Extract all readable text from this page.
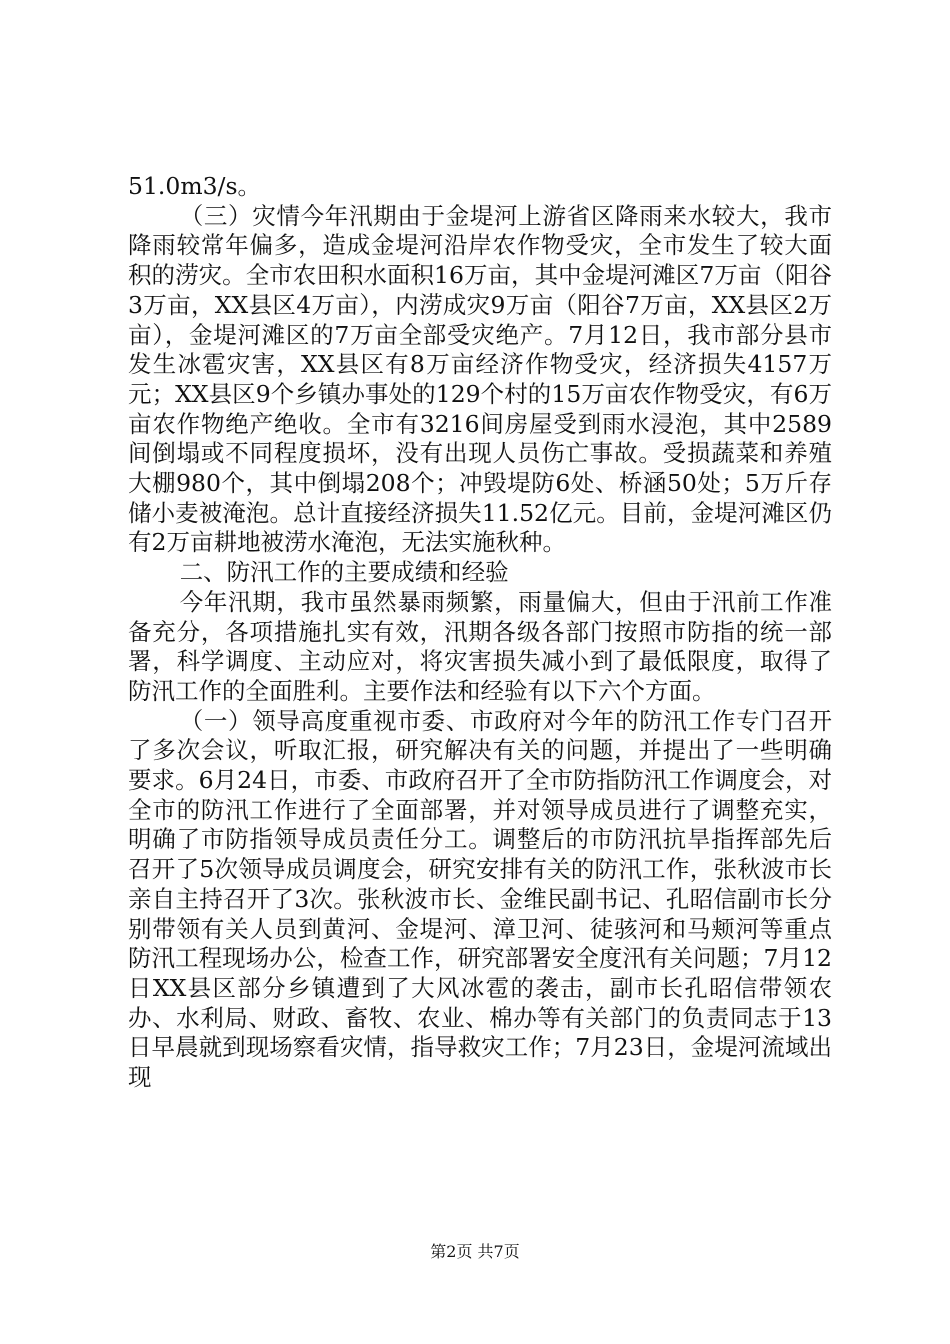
51.0m3/s。

（三）灾情今年汛期由于金堤河上游省区降雨来水较大，我市降雨较常年偏多，造成金堤河沿岸农作物受灾，全市发生了较大面积的涝灾。全市农田积水面积16万亩，其中金堤河滩区7万亩（阳谷3万亩，XX县区4万亩），内涝成灾9万亩（阳谷7万亩，XX县区2万亩），金堤河滩区的7万亩全部受灾绝产。7月12日，我市部分县市发生冰雹灾害，XX县区有8万亩经济作物受灾，经济损失4157万元；XX县区9个乡镇办事处的129个村的15万亩农作物受灾，有6万亩农作物绝产绝收。全市有3216间房屋受到雨水浸泡，其中2589间倒塌或不同程度损坏，没有出现人员伤亡事故。受损蔬菜和养殖大棚980个，其中倒塌208个；冲毁堤防6处、桥涵50处；5万斤存储小麦被淹泡。总计直接经济损失11.52亿元。目前，金堤河滩区仍有2万亩耕地被涝水淹泡，无法实施秋种。

二、防汛工作的主要成绩和经验

今年汛期，我市虽然暴雨频繁，雨量偏大，但由于汛前工作准备充分，各项措施扎实有效，汛期各级各部门按照市防指的统一部署，科学调度、主动应对，将灾害损失减小到了最低限度，取得了防汛工作的全面胜利。主要作法和经验有以下六个方面。

（一）领导高度重视市委、市政府对今年的防汛工作专门召开了多次会议，听取汇报，研究解决有关的问题，并提出了一些明确要求。6月24日，市委、市政府召开了全市防指防汛工作调度会，对全市的防汛工作进行了全面部署，并对领导成员进行了调整充实，明确了市防指领导成员责任分工。调整后的市防汛抗旱指挥部先后召开了5次领导成员调度会，研究安排有关的防汛工作，张秋波市长亲自主持召开了3次。张秋波市长、金维民副书记、孔昭信副市长分别带领有关人员到黄河、金堤河、漳卫河、徒骇河和马颊河等重点防汛工程现场办公，检查工作，研究部署安全度汛有关问题；7月12日XX县区部分乡镇遭到了大风冰雹的袭击，副市长孔昭信带领农办、水利局、财政、畜牧、农业、棉办等有关部门的负责同志于13日早晨就到现场察看灾情，指导救灾工作；7月23日，金堤河流域出现

第2页 共7页
